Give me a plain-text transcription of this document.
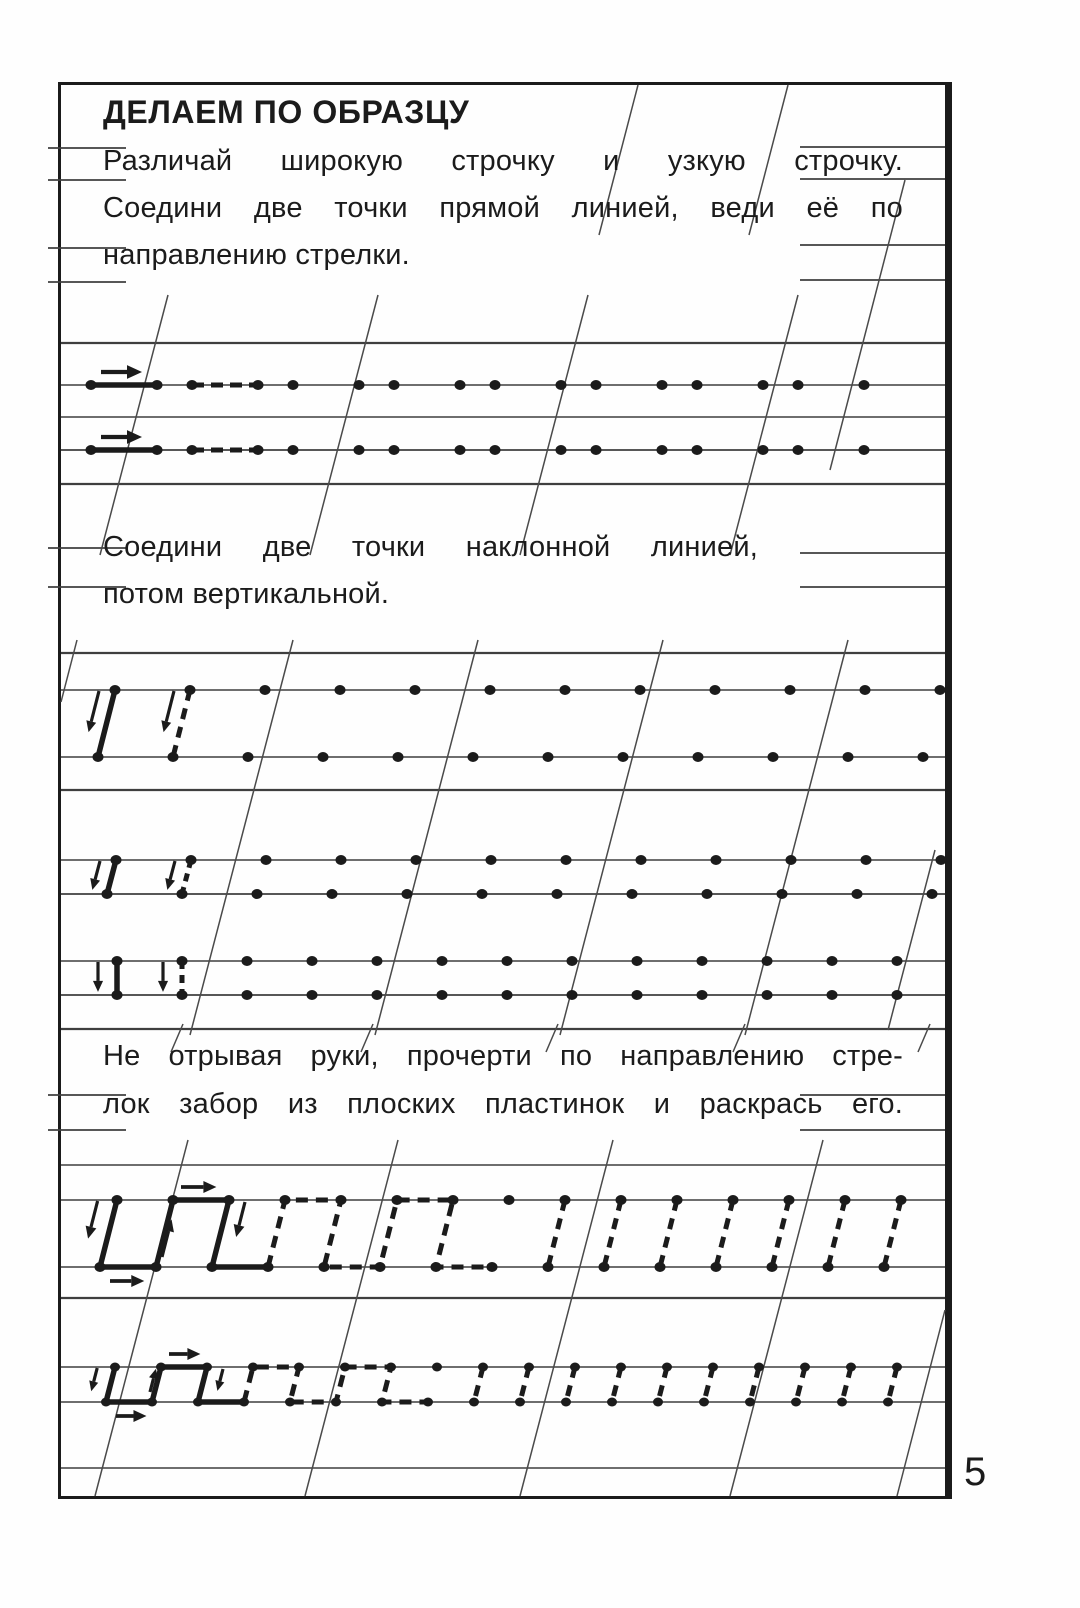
ДЕЛАЕМ ПО ОБРАЗЦУ
Различай широкую строчку и узкую строчку.
Соедини две точки прямой линией, веди её по
направлению стрелки.
Соедини две точки наклонной линией,
потом вертикальной.
Не отрывая руки, прочерти по направлению стре-
лок забор из плоских пластинок и раскрась его.
5
